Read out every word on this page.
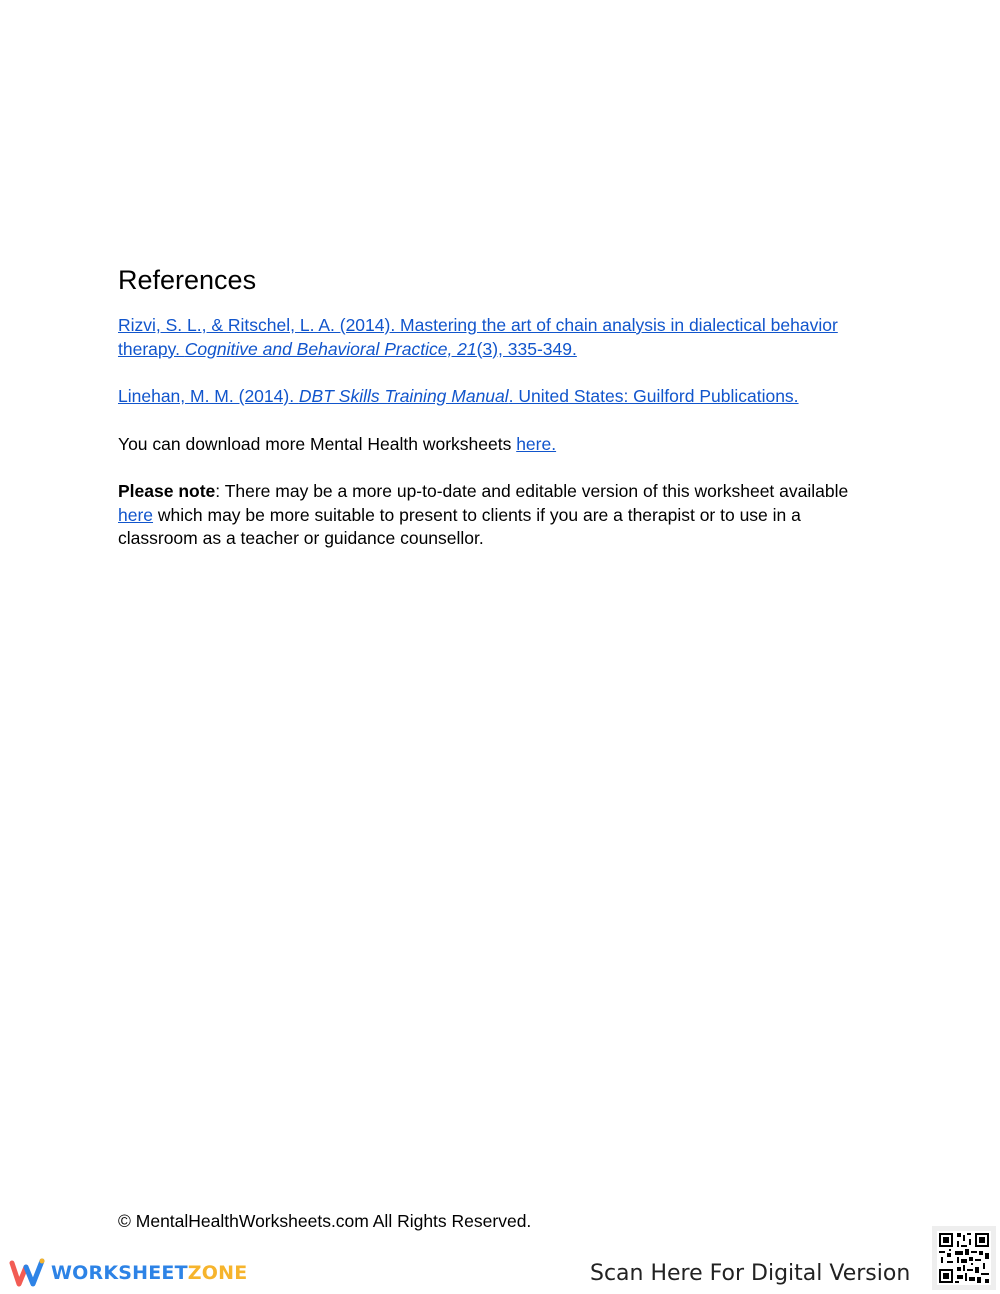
References

Rizvi, S. L., & Ritschel, L. A. (2014). Mastering the art of chain analysis in dialectical behavior therapy. Cognitive and Behavioral Practice, 21(3), 335-349.

Linehan, M. M. (2014). DBT Skills Training Manual. United States: Guilford Publications.

You can download more Mental Health worksheets here.

Please note: There may be a more up-to-date and editable version of this worksheet available here which may be more suitable to present to clients if you are a therapist or to use in a classroom as a teacher or guidance counsellor.

© MentalHealthWorksheets.com All Rights Reserved.
WORKSHEETZONE	Scan Here For Digital Version
